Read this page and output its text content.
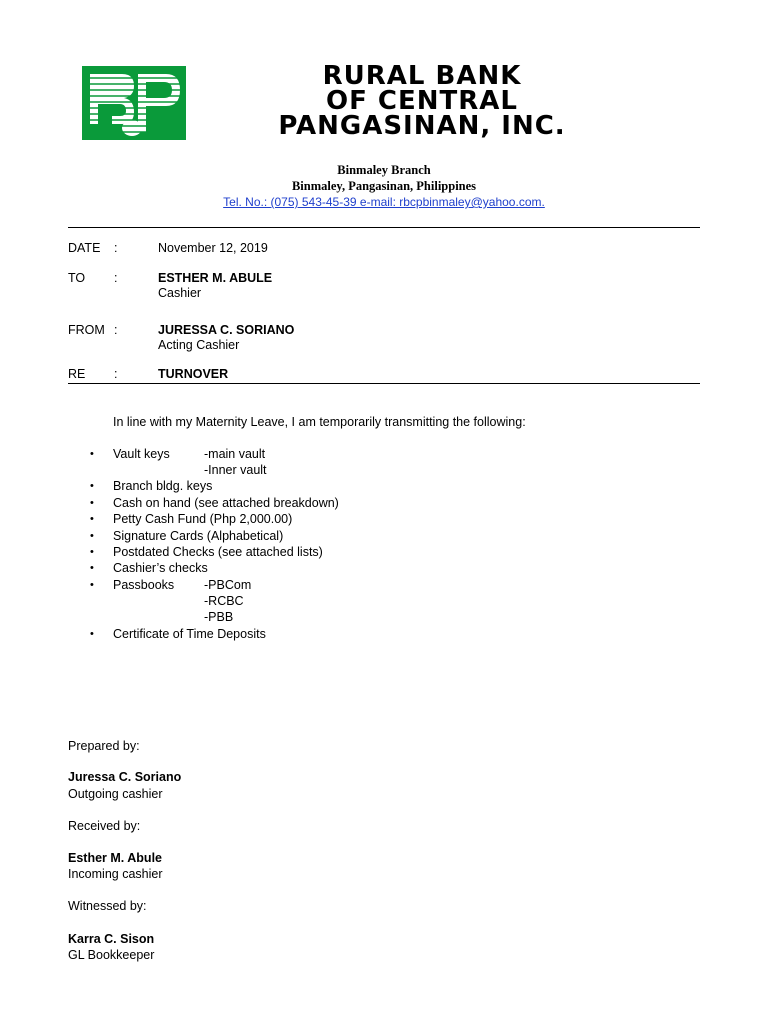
RURAL BANK
OF CENTRAL
PANGASINAN, INC.
Binmaley Branch
Binmaley, Pangasinan, Philippines
Tel. No.: (075) 543-45-39 e-mail: rbcpbinmaley@yahoo.com.
DATE :	November 12, 2019
TO :	ESTHER M. ABULE
Cashier
FROM :	JURESSA C. SORIANO
Acting Cashier
RE :	TURNOVER
In line with my Maternity Leave, I am temporarily transmitting the following:
• Vault keys	-main vault
-Inner vault
• Branch bldg. keys
• Cash on hand (see attached breakdown)
• Petty Cash Fund (Php 2,000.00)
• Signature Cards (Alphabetical)
• Postdated Checks (see attached lists)
• Cashier’s checks
• Passbooks -PBCom
-RCBC
-PBB
• Certificate of Time Deposits
Prepared by:
Juressa C. Soriano
Outgoing cashier
Received by:
Esther M. Abule
Incoming cashier
Witnessed by:
Karra C. Sison
GL Bookkeeper
